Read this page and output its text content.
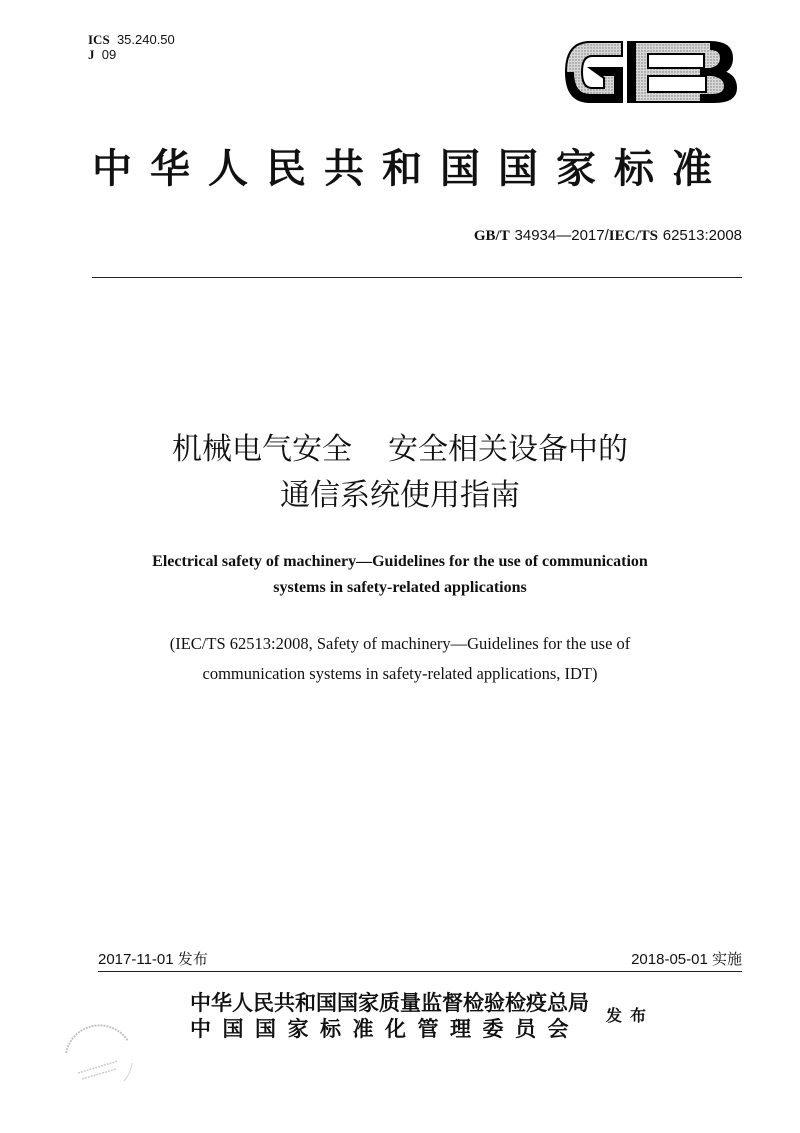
ICS 35.240.50
J 09
中华人民共和国国家标准
GB/T 34934—2017/IEC/TS 62513:2008
机械电气安全 安全相关设备中的
通信系统使用指南
Electrical safety of machinery—Guidelines for the use of communication
systems in safety-related applications
(IEC/TS 62513:2008, Safety of machinery—Guidelines for the use of
communication systems in safety-related applications, IDT)
2017-11-01 发布	2018-05-01 实施
中华人民共和国国家质量监督检验检疫总局
中国国家标准化管理委员会
发布
